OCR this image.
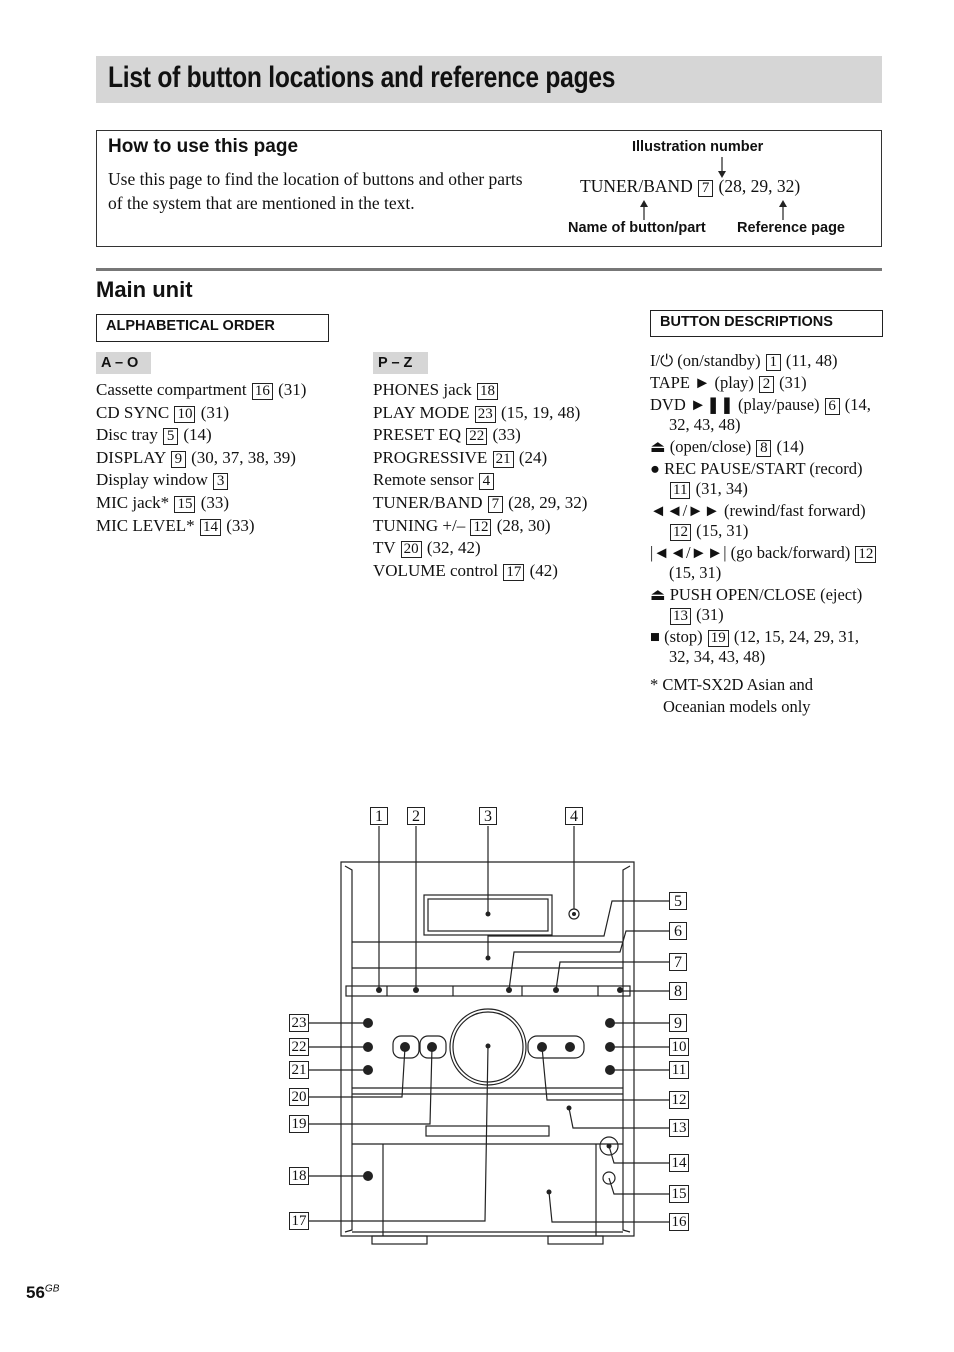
List of button locations and reference pages
How to use this page
Use this page to find the location of buttons and other parts of the system that are mentioned in the text.
Illustration number
TUNER/BAND 7 (28, 29, 32)
Name of button/part Reference page
Main unit
ALPHABETICAL ORDER	BUTTON DESCRIPTIONS
A – O
Cassette compartment 16 (31)
CD SYNC 10 (31)
Disc tray 5 (14)
DISPLAY 9 (30, 37, 38, 39)
Display window 3
MIC jack* 15 (33)
MIC LEVEL* 14 (33)
P – Z
PHONES jack 18
PLAY MODE 23 (15, 19, 48)
PRESET EQ 22 (33)
PROGRESSIVE 21 (24)
Remote sensor 4
TUNER/BAND 7 (28, 29, 32)
TUNING +/– 12 (28, 30)
TV 20 (32, 42)
VOLUME control 17 (42)
I/⏻ (on/standby) 1 (11, 48)
TAPE ► (play) 2 (31)
DVD ►❚❚ (play/pause) 6 (14,
32, 43, 48)
⏏ (open/close) 8 (14)
● REC PAUSE/START (record)
11 (31, 34)
◄◄/►► (rewind/fast forward)
12 (15, 31)
|◄◄/►►| (go back/forward) 12
(15, 31)
⏏ PUSH OPEN/CLOSE (eject)
13 (31)
■ (stop) 19 (12, 15, 24, 29, 31,
32, 34, 43, 48)
* CMT-SX2D Asian and
Oceanian models only
1	2	3	4
5
6
7
8
9
10
11
12
13
14
15
16
17
18
19
20
21
22
23
$56^{GB}$
